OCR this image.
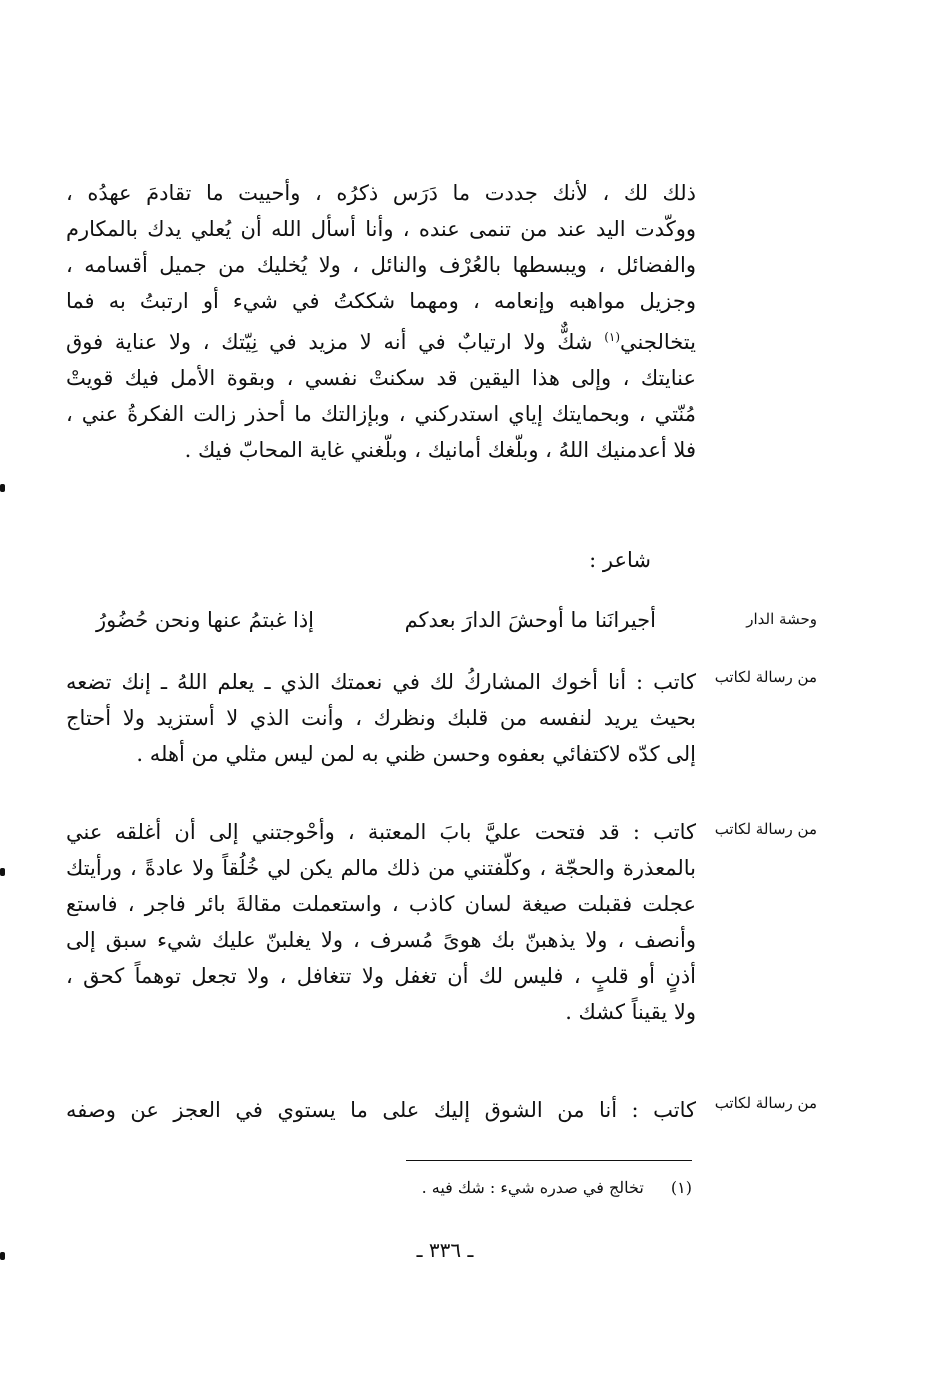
ذلك لك ، لأنك جددت ما دَرَس ذكرُه ، وأحييت ما تقادمَ عهدُه ،
ووكّدت اليد عند من تنمى عنده ، وأنا أسأل الله أن يُعلي يدك بالمكارم
والفضائل ، ويبسطها بالعُرْف والنائل ، ولا يُخليك من جميل أقسامه ،
وجزيل مواهبه وإنعامه ، ومهما شككتُ في شيء أو ارتبتُ به فما
يتخالجني$^{(١)}$ شكٌّ ولا ارتيابٌ في أنه لا مزيد في نِيّتك ، ولا عناية فوق
عنايتك ، وإلى هذا اليقين قد سكنتْ نفسي ، وبقوة الأمل فيك قويتْ
مُنّتي ، وبحمايتك إياي استدركني ، وبإزالتك ما أحذر زالت الفكرةُ عني ،
فلا أعدمنيك اللهُ ، وبلّغك أمانيك ، وبلّغني غاية المحابّ فيك .
شاعر :
وحشة الدار
أجيرانَنا ما أوحشَ الدارَ بعدكم
إذا غبتمُ عنها ونحن حُضُورُ
من رسالة لكاتب
كاتب : أنا أخوك المشاركُ لك في نعمتك الذي ـ يعلم اللهُ ـ إنك تضعه
بحيث يريد لنفسه من قلبك ونظرك ، وأنت الذي لا أستزيد ولا أحتاج
إلى كدّه لاكتفائي بعفوه وحسن ظني به لمن ليس مثلي من أهله .
من رسالة لكاتب
كاتب : قد فتحت عليَّ بابَ المعتبة ، وأحْوجتني إلى أن أغلقه عني
بالمعذرة والحجّة ، وكلّفتني من ذلك مالم يكن لي خُلُقاً ولا عادةً ، ورأيتك
عجلت فقبلت صيغة لسان كاذب ، واستعملت مقالةَ بائر فاجر ، فاستع
وأنصف ، ولا يذهبنّ بك هوىً مُسرف ، ولا يغلبنّ عليك شيء سبق إلى
أذنٍ أو قلبٍ ، فليس لك أن تغفل ولا تتغافل ، ولا تجعل توهماً كحق ،
ولا يقيناً كشك .
من رسالة لكاتب
كاتب : أنا من الشوق إليك على ما يستوي في العجز عن وصفه
(١) تخالج في صدره شيء : شك فيه .
ـ ٣٣٦ ـ
